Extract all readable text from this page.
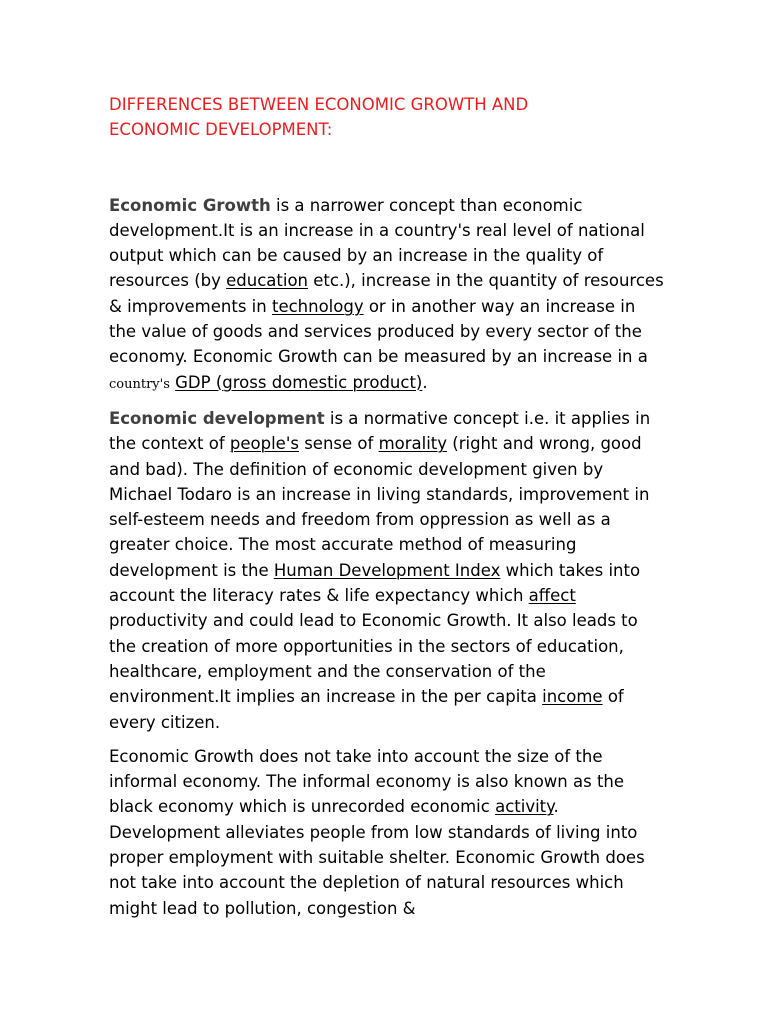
DIFFERENCES BETWEEN ECONOMIC GROWTH AND ECONOMIC DEVELOPMENT:

Economic Growth is a narrower concept than economic development.It is an increase in a country's real level of national output which can be caused by an increase in the quality of resources (by education etc.), increase in the quantity of resources & improvements in technology or in another way an increase in the value of goods and services produced by every sector of the economy. Economic Growth can be measured by an increase in a country's GDP (gross domestic product).

Economic development is a normative concept i.e. it applies in the context of people's sense of morality (right and wrong, good and bad). The definition of economic development given by Michael Todaro is an increase in living standards, improvement in self-esteem needs and freedom from oppression as well as a greater choice. The most accurate method of measuring development is the Human Development Index which takes into account the literacy rates & life expectancy which affect productivity and could lead to Economic Growth. It also leads to the creation of more opportunities in the sectors of education, healthcare, employment and the conservation of the environment.It implies an increase in the per capita income of every citizen.

Economic Growth does not take into account the size of the informal economy. The informal economy is also known as the black economy which is unrecorded economic activity. Development alleviates people from low standards of living into proper employment with suitable shelter. Economic Growth does not take into account the depletion of natural resources which might lead to pollution, congestion &
